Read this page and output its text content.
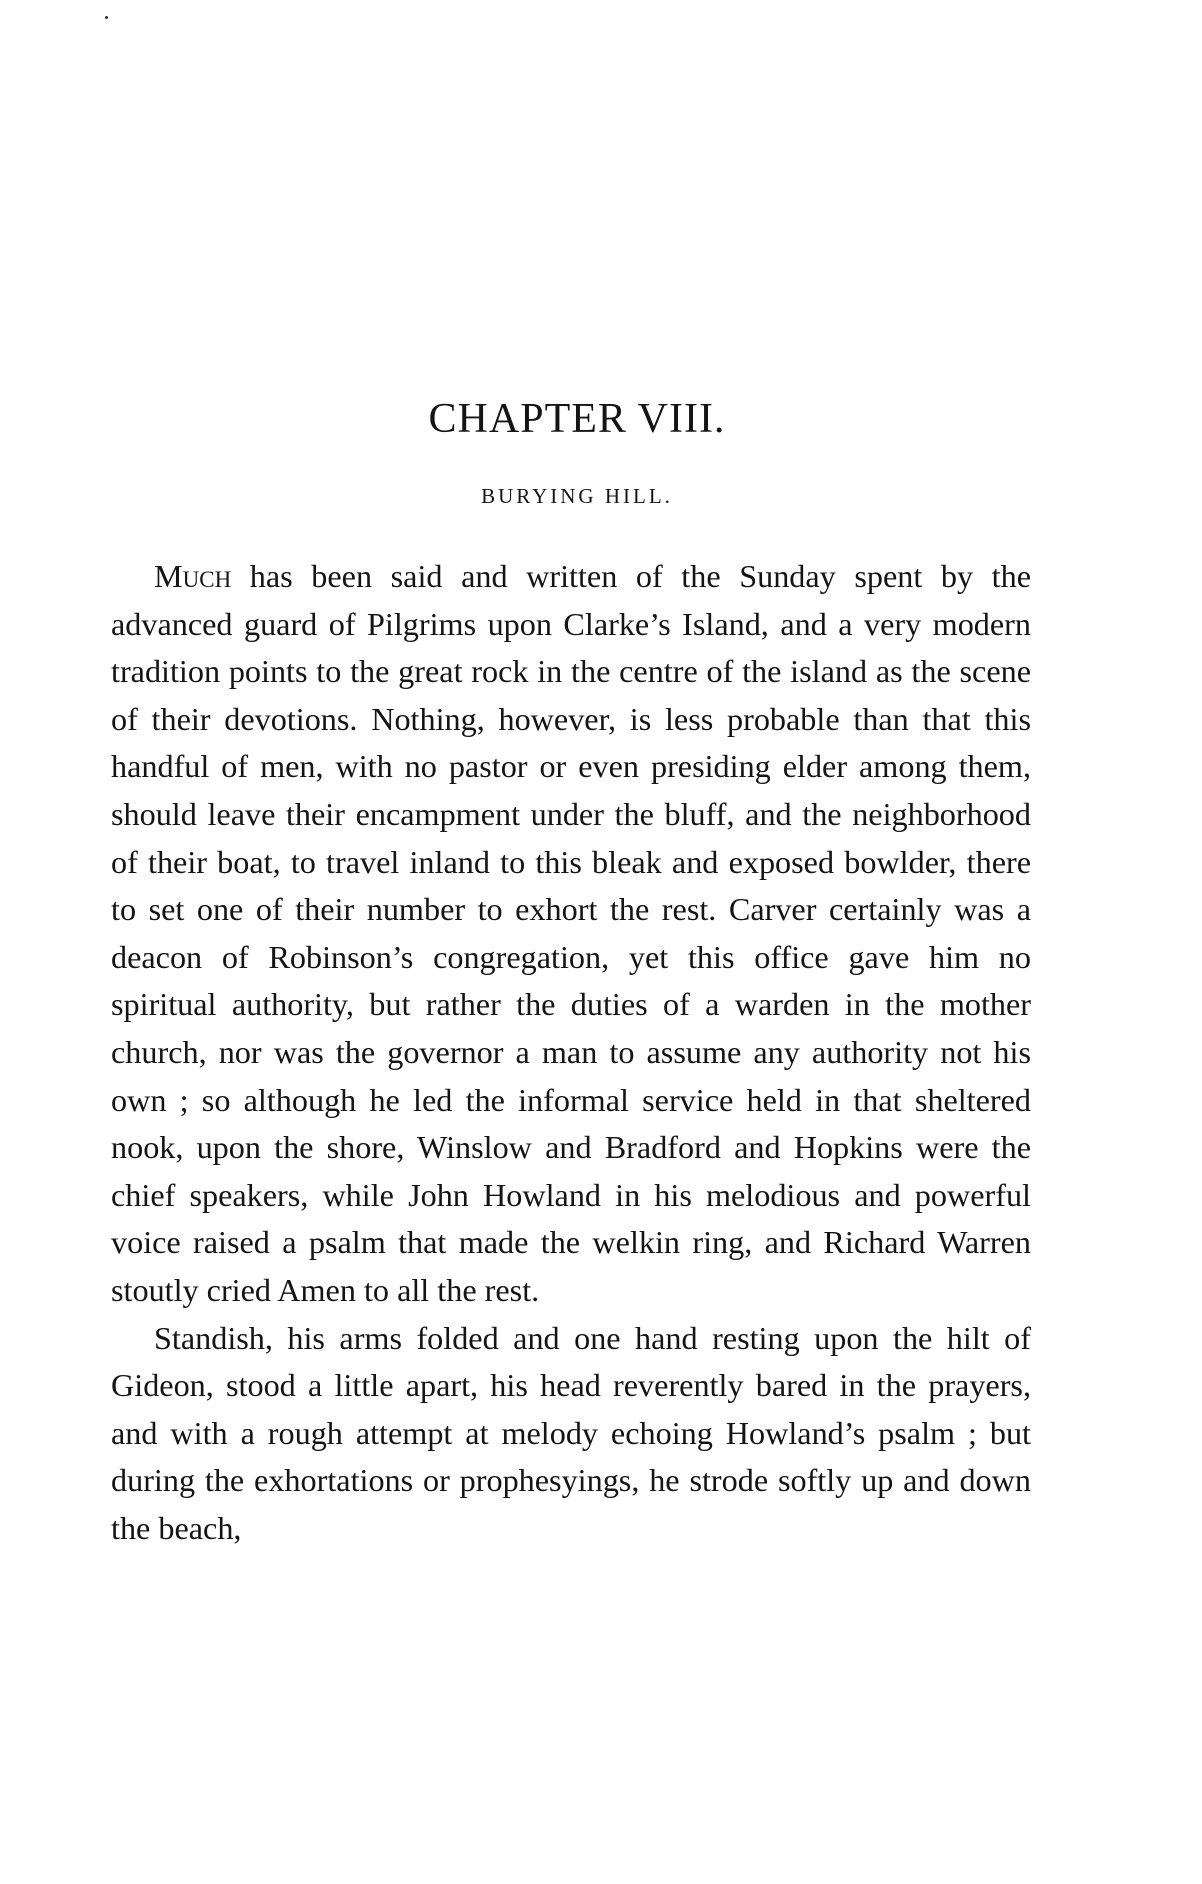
CHAPTER VIII.
BURYING HILL.

Much has been said and written of the Sunday spent by the advanced guard of Pilgrims upon Clarke’s Island, and a very modern tradition points to the great rock in the centre of the island as the scene of their devotions. Nothing, however, is less probable than that this handful of men, with no pastor or even presiding elder among them, should leave their encampment under the bluff, and the neighborhood of their boat, to travel inland to this bleak and exposed bowlder, there to set one of their number to exhort the rest. Carver certainly was a deacon of Robinson’s congregation, yet this office gave him no spiritual authority, but rather the duties of a warden in the mother church, nor was the governor a man to assume any authority not his own ; so although he led the informal service held in that sheltered nook, upon the shore, Winslow and Bradford and Hopkins were the chief speakers, while John Howland in his melodious and powerful voice raised a psalm that made the welkin ring, and Richard Warren stoutly cried Amen to all the rest.

Standish, his arms folded and one hand resting upon the hilt of Gideon, stood a little apart, his head reverently bared in the prayers, and with a rough attempt at melody echoing Howland’s psalm ; but during the exhortations or prophesyings, he strode softly up and down the beach,
